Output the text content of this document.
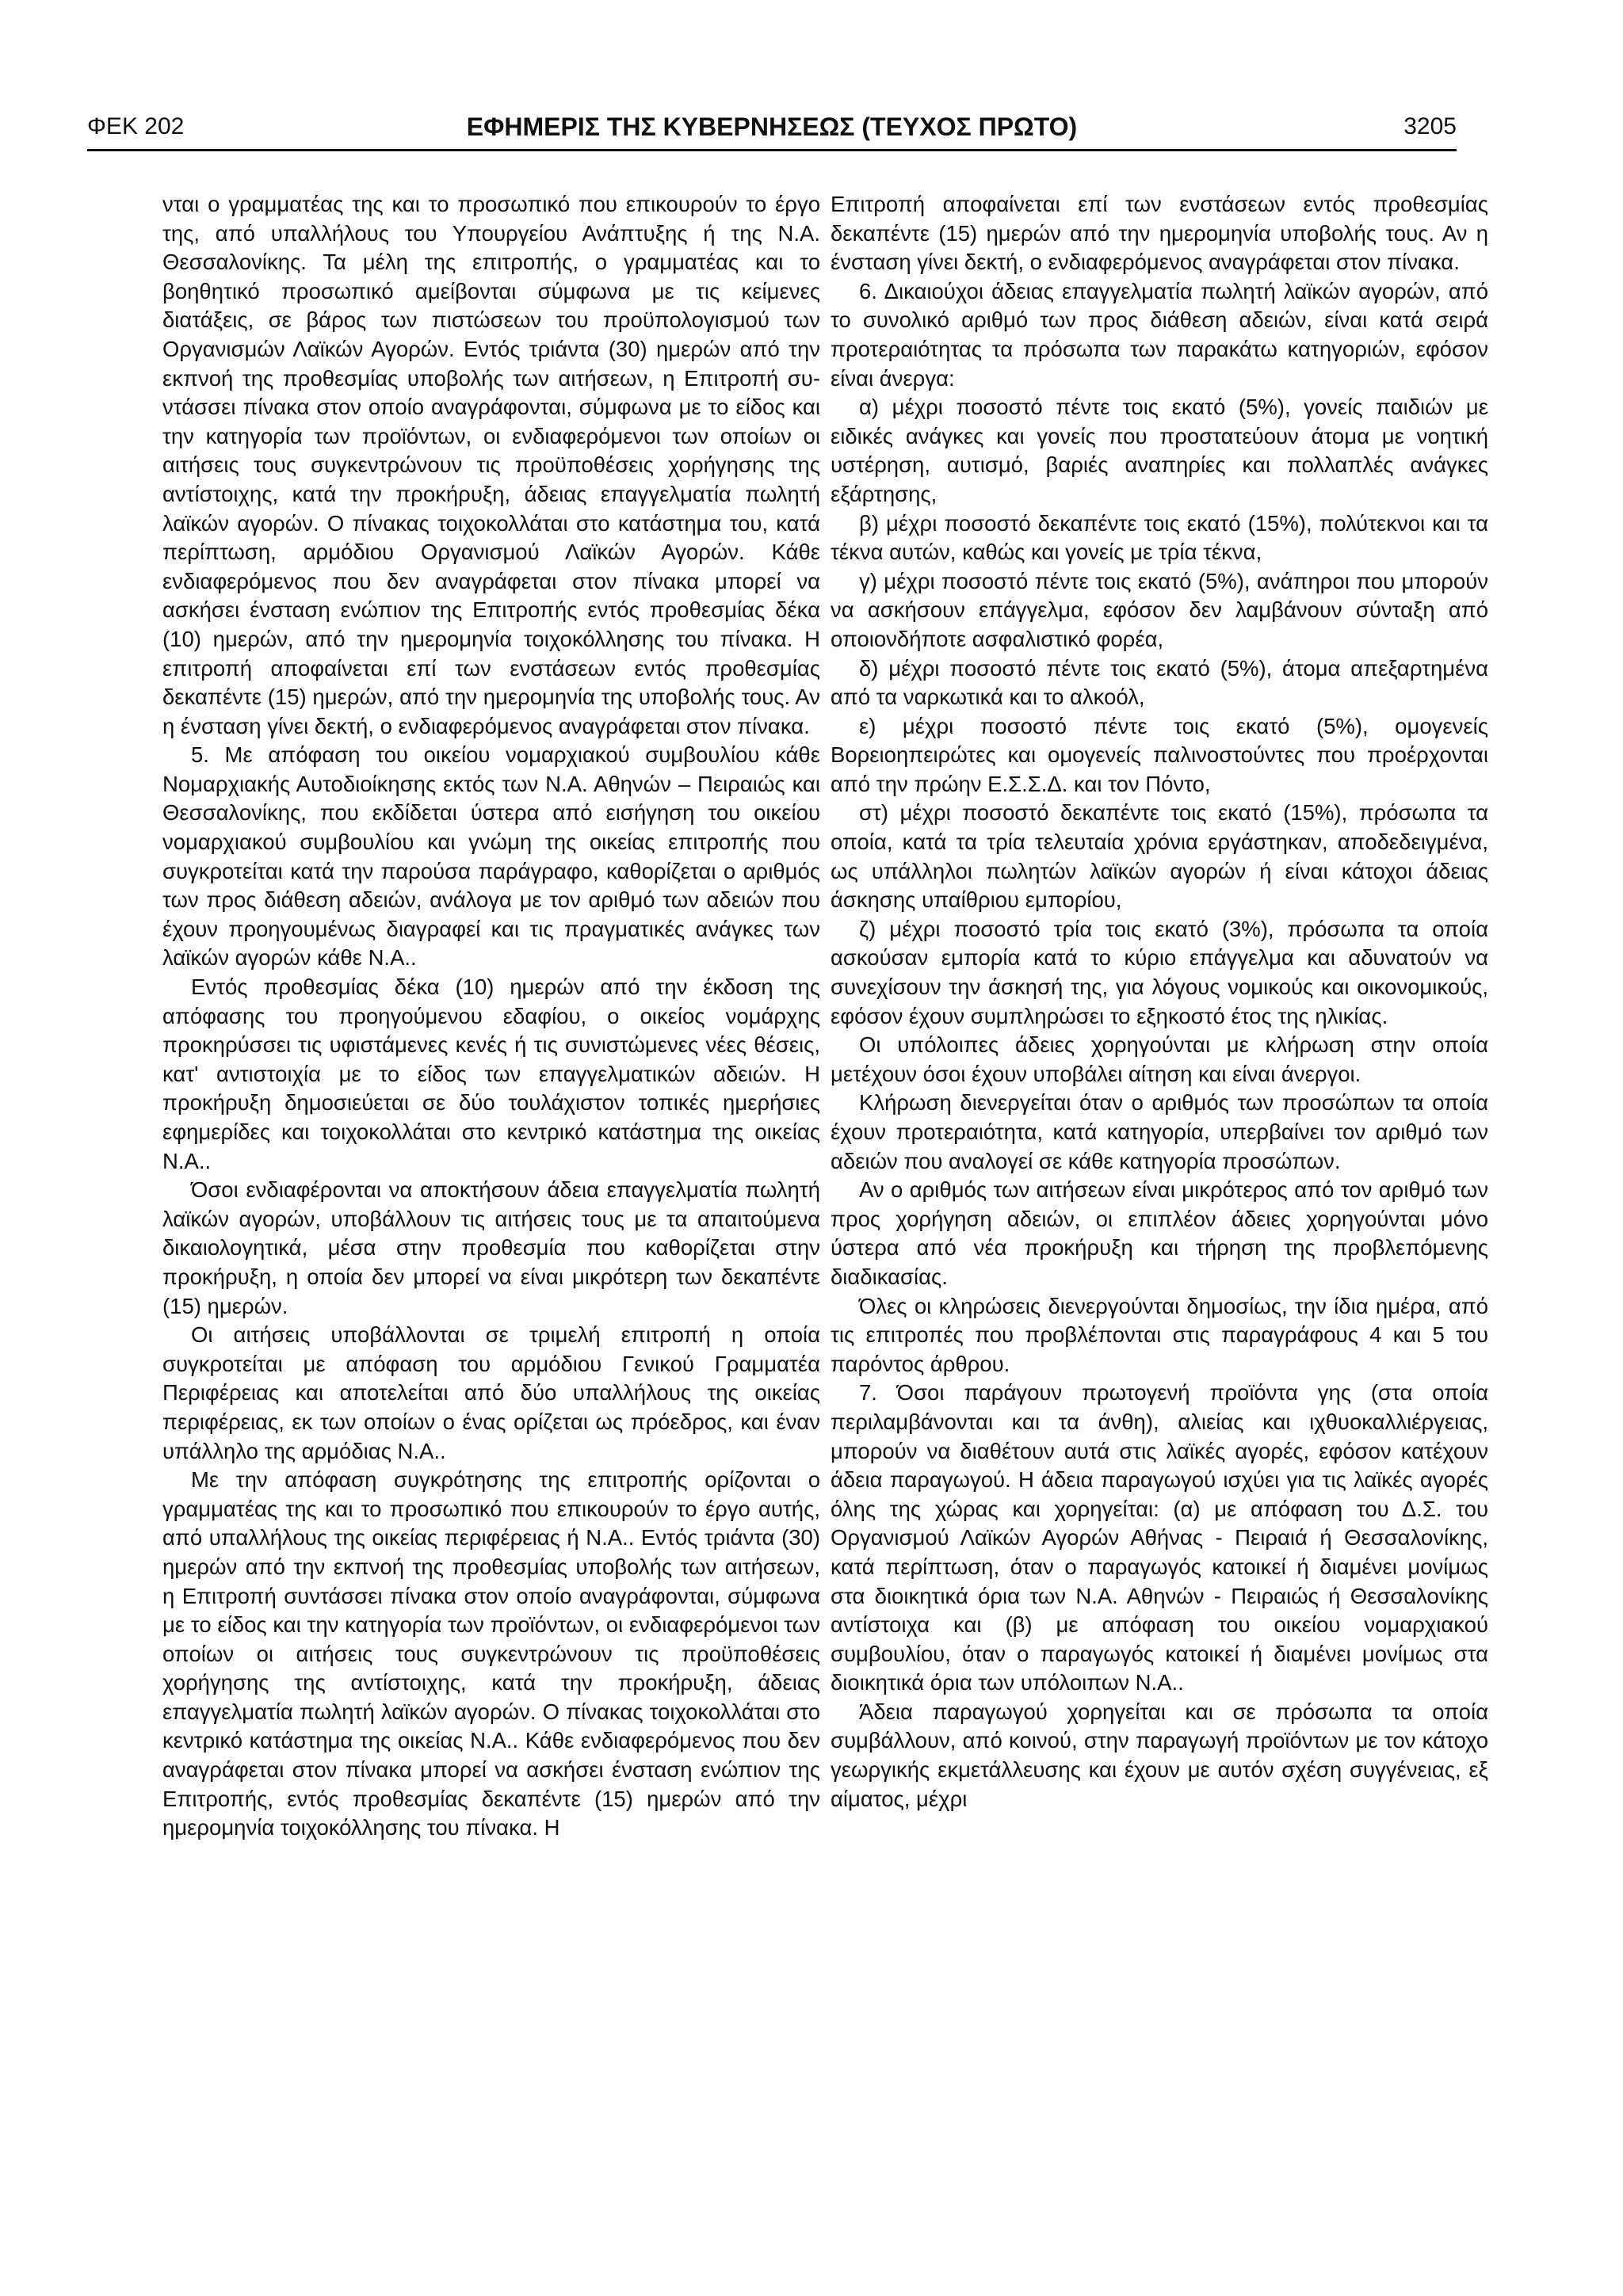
ΦΕΚ 202	ΕΦΗΜΕΡΙΣ ΤΗΣ ΚΥΒΕΡΝΗΣΕΩΣ (ΤΕΥΧΟΣ ΠΡΩΤΟ)	3205

νται ο γραμματέας της και το προσωπικό που επικουρούν το έργο της, από υπαλλήλους του Υπουργείου Ανάπτυξης ή της Ν.Α. Θεσσαλονίκης. Τα μέλη της επιτροπής, ο γραμματέας και το βοηθητικό προσωπικό αμείβονται σύμφωνα με τις κείμενες διατάξεις, σε βάρος των πιστώσεων του προϋπολογισμού των Οργανισμών Λαϊκών Αγορών. Εντός τριάντα (30) ημερών από την εκπνοή της προθεσμίας υποβολής των αιτήσεων, η Επιτροπή συντάσσει πίνακα στον οποίο αναγράφονται, σύμφωνα με το είδος και την κατηγορία των προϊόντων, οι ενδιαφερόμενοι των οποίων οι αιτήσεις τους συγκεντρώνουν τις προϋποθέσεις χορήγησης της αντίστοιχης, κατά την προκήρυξη, άδειας επαγγελματία πωλητή λαϊκών αγορών. Ο πίνακας τοιχοκολλάται στο κατάστημα του, κατά περίπτωση, αρμόδιου Οργανισμού Λαϊκών Αγορών. Κάθε ενδιαφερόμενος που δεν αναγράφεται στον πίνακα μπορεί να ασκήσει ένσταση ενώπιον της Επιτροπής εντός προθεσμίας δέκα (10) ημερών, από την ημερομηνία τοιχοκόλλησης του πίνακα. Η επιτροπή αποφαίνεται επί των ενστάσεων εντός προθεσμίας δεκαπέντε (15) ημερών, από την ημερομηνία της υποβολής τους. Αν η ένσταση γίνει δεκτή, ο ενδιαφερόμενος αναγράφεται στον πίνακα.

5. Με απόφαση του οικείου νομαρχιακού συμβουλίου κάθε Νομαρχιακής Αυτοδιοίκησης εκτός των Ν.Α. Αθηνών – Πειραιώς και Θεσσαλονίκης, που εκδίδεται ύστερα από εισήγηση του οικείου νομαρχιακού συμβουλίου και γνώμη της οικείας επιτροπής που συγκροτείται κατά την παρούσα παράγραφο, καθορίζεται ο αριθμός των προς διάθεση αδειών, ανάλογα με τον αριθμό των αδειών που έχουν προηγουμένως διαγραφεί και τις πραγματικές ανάγκες των λαϊκών αγορών κάθε Ν.Α..

Εντός προθεσμίας δέκα (10) ημερών από την έκδοση της απόφασης του προηγούμενου εδαφίου, ο οικείος νομάρχης προκηρύσσει τις υφιστάμενες κενές ή τις συνιστώμενες νέες θέσεις, κατ' αντιστοιχία με το είδος των επαγγελματικών αδειών. Η προκήρυξη δημοσιεύεται σε δύο τουλάχιστον τοπικές ημερήσιες εφημερίδες και τοιχοκολλάται στο κεντρικό κατάστημα της οικείας Ν.Α..

Όσοι ενδιαφέρονται να αποκτήσουν άδεια επαγγελματία πωλητή λαϊκών αγορών, υποβάλλουν τις αιτήσεις τους με τα απαιτούμενα δικαιολογητικά, μέσα στην προθεσμία που καθορίζεται στην προκήρυξη, η οποία δεν μπορεί να είναι μικρότερη των δεκαπέντε (15) ημερών.

Οι αιτήσεις υποβάλλονται σε τριμελή επιτροπή η οποία συγκροτείται με απόφαση του αρμόδιου Γενικού Γραμματέα Περιφέρειας και αποτελείται από δύο υπαλλήλους της οικείας περιφέρειας, εκ των οποίων ο ένας ορίζεται ως πρόεδρος, και έναν υπάλληλο της αρμόδιας Ν.Α..

Με την απόφαση συγκρότησης της επιτροπής ορίζονται ο γραμματέας της και το προσωπικό που επικουρούν το έργο αυτής, από υπαλλήλους της οικείας περιφέρειας ή Ν.Α.. Εντός τριάντα (30) ημερών από την εκπνοή της προθεσμίας υποβολής των αιτήσεων, η Επιτροπή συντάσσει πίνακα στον οποίο αναγράφονται, σύμφωνα με το είδος και την κατηγορία των προϊόντων, οι ενδιαφερόμενοι των οποίων οι αιτήσεις τους συγκεντρώνουν τις προϋποθέσεις χορήγησης της αντίστοιχης, κατά την προκήρυξη, άδειας επαγγελματία πωλητή λαϊκών αγορών. Ο πίνακας τοιχοκολλάται στο κεντρικό κατάστημα της οικείας Ν.Α.. Κάθε ενδιαφερόμενος που δεν αναγράφεται στον πίνακα μπορεί να ασκήσει ένσταση ενώπιον της Επιτροπής, εντός προθεσμίας δεκαπέντε (15) ημερών από την ημερομηνία τοιχοκόλλησης του πίνακα. Η

Επιτροπή αποφαίνεται επί των ενστάσεων εντός προθεσμίας δεκαπέντε (15) ημερών από την ημερομηνία υποβολής τους. Αν η ένσταση γίνει δεκτή, ο ενδιαφερόμενος αναγράφεται στον πίνακα.

6. Δικαιούχοι άδειας επαγγελματία πωλητή λαϊκών αγορών, από το συνολικό αριθμό των προς διάθεση αδειών, είναι κατά σειρά προτεραιότητας τα πρόσωπα των παρακάτω κατηγοριών, εφόσον είναι άνεργα:

α) μέχρι ποσοστό πέντε τοις εκατό (5%), γονείς παιδιών με ειδικές ανάγκες και γονείς που προστατεύουν άτομα με νοητική υστέρηση, αυτισμό, βαριές αναπηρίες και πολλαπλές ανάγκες εξάρτησης,

β) μέχρι ποσοστό δεκαπέντε τοις εκατό (15%), πολύτεκνοι και τα τέκνα αυτών, καθώς και γονείς με τρία τέκνα,

γ) μέχρι ποσοστό πέντε τοις εκατό (5%), ανάπηροι που μπορούν να ασκήσουν επάγγελμα, εφόσον δεν λαμβάνουν σύνταξη από οποιονδήποτε ασφαλιστικό φορέα,

δ) μέχρι ποσοστό πέντε τοις εκατό (5%), άτομα απεξαρτημένα από τα ναρκωτικά και το αλκοόλ,

ε) μέχρι ποσοστό πέντε τοις εκατό (5%), ομογενείς Βορειοηπειρώτες και ομογενείς παλινοστούντες που προέρχονται από την πρώην Ε.Σ.Σ.Δ. και τον Πόντο,

στ) μέχρι ποσοστό δεκαπέντε τοις εκατό (15%), πρόσωπα τα οποία, κατά τα τρία τελευταία χρόνια εργάστηκαν, αποδεδειγμένα, ως υπάλληλοι πωλητών λαϊκών αγορών ή είναι κάτοχοι άδειας άσκησης υπαίθριου εμπορίου,

ζ) μέχρι ποσοστό τρία τοις εκατό (3%), πρόσωπα τα οποία ασκούσαν εμπορία κατά το κύριο επάγγελμα και αδυνατούν να συνεχίσουν την άσκησή της, για λόγους νομικούς και οικονομικούς, εφόσον έχουν συμπληρώσει το εξηκοστό έτος της ηλικίας.

Οι υπόλοιπες άδειες χορηγούνται με κλήρωση στην οποία μετέχουν όσοι έχουν υποβάλει αίτηση και είναι άνεργοι.

Κλήρωση διενεργείται όταν ο αριθμός των προσώπων τα οποία έχουν προτεραιότητα, κατά κατηγορία, υπερβαίνει τον αριθμό των αδειών που αναλογεί σε κάθε κατηγορία προσώπων.

Αν ο αριθμός των αιτήσεων είναι μικρότερος από τον αριθμό των προς χορήγηση αδειών, οι επιπλέον άδειες χορηγούνται μόνο ύστερα από νέα προκήρυξη και τήρηση της προβλεπόμενης διαδικασίας.

Όλες οι κληρώσεις διενεργούνται δημοσίως, την ίδια ημέρα, από τις επιτροπές που προβλέπονται στις παραγράφους 4 και 5 του παρόντος άρθρου.

7. Όσοι παράγουν πρωτογενή προϊόντα γης (στα οποία περιλαμβάνονται και τα άνθη), αλιείας και ιχθυοκαλλιέργειας, μπορούν να διαθέτουν αυτά στις λαϊκές αγορές, εφόσον κατέχουν άδεια παραγωγού. Η άδεια παραγωγού ισχύει για τις λαϊκές αγορές όλης της χώρας και χορηγείται: (α) με απόφαση του Δ.Σ. του Οργανισμού Λαϊκών Αγορών Αθήνας - Πειραιά ή Θεσσαλονίκης, κατά περίπτωση, όταν ο παραγωγός κατοικεί ή διαμένει μονίμως στα διοικητικά όρια των Ν.Α. Αθηνών - Πειραιώς ή Θεσσαλονίκης αντίστοιχα και (β) με απόφαση του οικείου νομαρχιακού συμβουλίου, όταν ο παραγωγός κατοικεί ή διαμένει μονίμως στα διοικητικά όρια των υπόλοιπων Ν.Α..

Άδεια παραγωγού χορηγείται και σε πρόσωπα τα οποία συμβάλλουν, από κοινού, στην παραγωγή προϊόντων με τον κάτοχο γεωργικής εκμετάλλευσης και έχουν με αυτόν σχέση συγγένειας, εξ αίματος, μέχρι
